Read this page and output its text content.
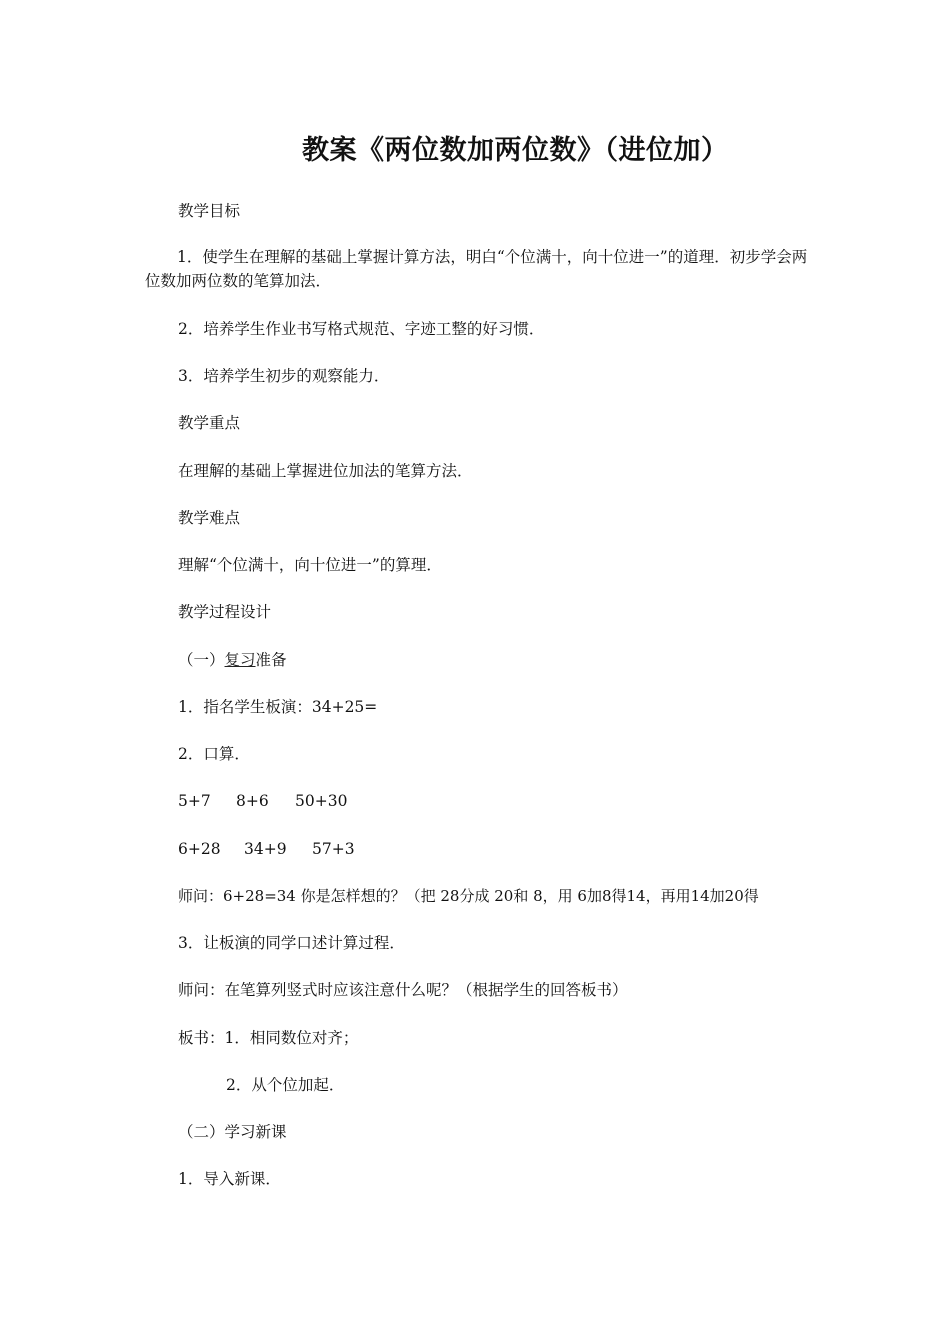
教案《两位数加两位数》（进位加）
教学目标
1．使学生在理解的基础上掌握计算方法，明白“个位满十，向十位进一”的道理．初步学会两位数加两位数的笔算加法．
2．培养学生作业书写格式规范、字迹工整的好习惯．
3．培养学生初步的观察能力．
教学重点
在理解的基础上掌握进位加法的笔算方法．
教学难点
理解“个位满十，向十位进一”的算理．
教学过程设计
（一）复习准备
1．指名学生板演：34+25=
2．口算．
5+7 8+6 50+30
6+28 34+9 57+3
师问：6+28=34 你是怎样想的？（把 28分成 20和 8，用 6加8得14，再用14加20得
3．让板演的同学口述计算过程．
师问：在笔算列竖式时应该注意什么呢？（根据学生的回答板书）
板书：1．相同数位对齐；
2．从个位加起．
（二）学习新课
1．导入新课．
